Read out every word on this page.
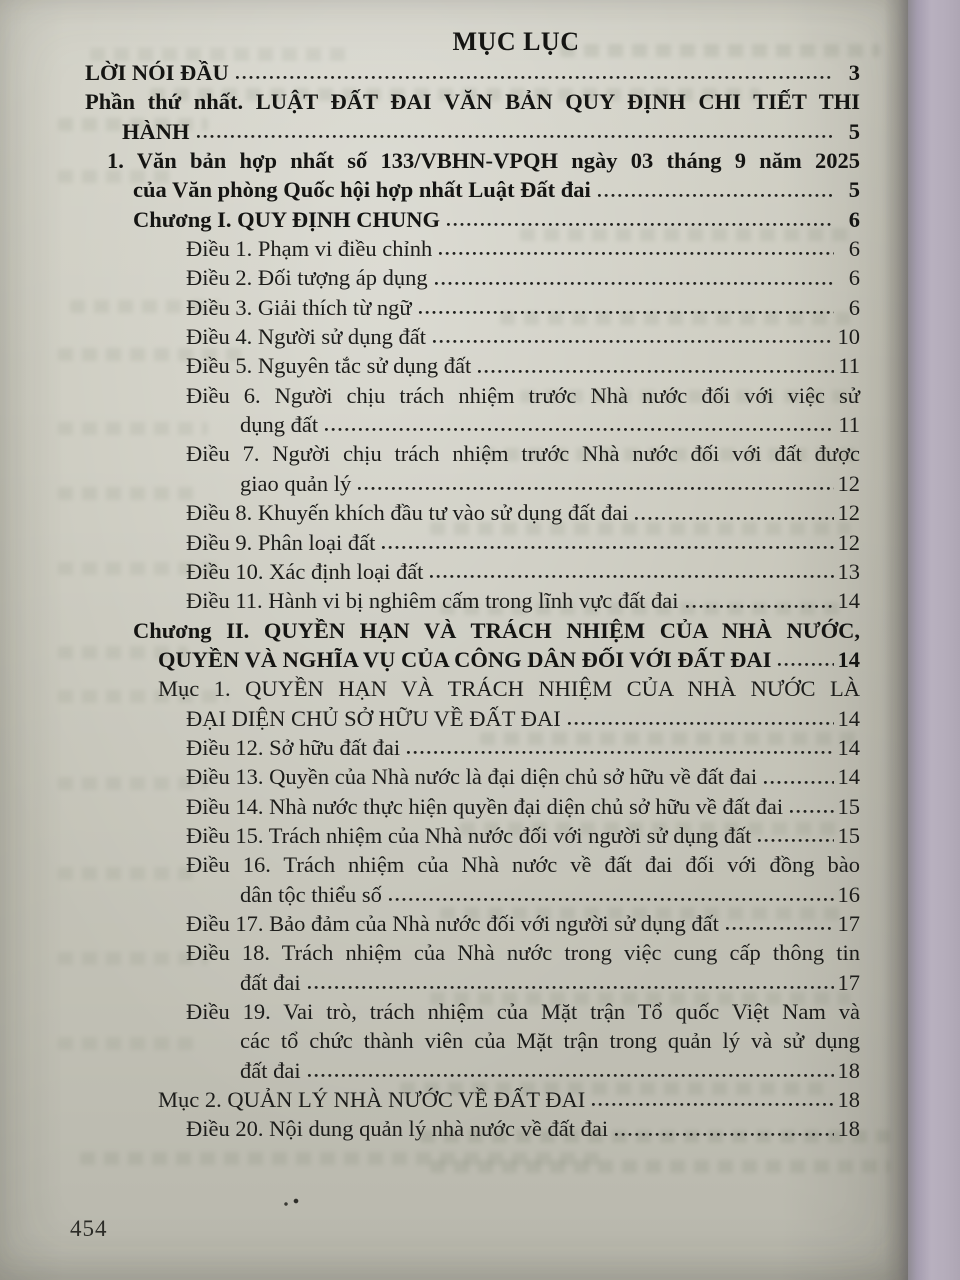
MỤC LỤC
LỜI NÓI ĐẦU	3
Phần thứ nhất. LUẬT ĐẤT ĐAI VĂN BẢN QUY ĐỊNH CHI TIẾT THI
HÀNH	5
1. Văn bản hợp nhất số 133/VBHN-VPQH ngày 03 tháng 9 năm 2025
của Văn phòng Quốc hội hợp nhất Luật Đất đai	5
Chương I. QUY ĐỊNH CHUNG	6
Điều 1. Phạm vi điều chỉnh	6
Điều 2. Đối tượng áp dụng	6
Điều 3. Giải thích từ ngữ	6
Điều 4. Người sử dụng đất	10
Điều 5. Nguyên tắc sử dụng đất	11
Điều 6. Người chịu trách nhiệm trước Nhà nước đối với việc sử
dụng đất	11
Điều 7. Người chịu trách nhiệm trước Nhà nước đối với đất được
giao quản lý	12
Điều 8. Khuyến khích đầu tư vào sử dụng đất đai	12
Điều 9. Phân loại đất	12
Điều 10. Xác định loại đất	13
Điều 11. Hành vi bị nghiêm cấm trong lĩnh vực đất đai	14
Chương II. QUYỀN HẠN VÀ TRÁCH NHIỆM CỦA NHÀ NƯỚC,
QUYỀN VÀ NGHĨA VỤ CỦA CÔNG DÂN ĐỐI VỚI ĐẤT ĐAI	14
Mục 1. QUYỀN HẠN VÀ TRÁCH NHIỆM CỦA NHÀ NƯỚC LÀ
ĐẠI DIỆN CHỦ SỞ HỮU VỀ ĐẤT ĐAI	14
Điều 12. Sở hữu đất đai	14
Điều 13. Quyền của Nhà nước là đại diện chủ sở hữu về đất đai	14
Điều 14. Nhà nước thực hiện quyền đại diện chủ sở hữu về đất đai 15
Điều 15. Trách nhiệm của Nhà nước đối với người sử dụng đất	15
Điều 16. Trách nhiệm của Nhà nước về đất đai đối với đồng bào
dân tộc thiểu số	16
Điều 17. Bảo đảm của Nhà nước đối với người sử dụng đất	17
Điều 18. Trách nhiệm của Nhà nước trong việc cung cấp thông tin
đất đai	17
Điều 19. Vai trò, trách nhiệm của Mặt trận Tổ quốc Việt Nam và
các tổ chức thành viên của Mặt trận trong quản lý và sử dụng
đất đai	18
Mục 2. QUẢN LÝ NHÀ NƯỚC VỀ ĐẤT ĐAI	18
Điều 20. Nội dung quản lý nhà nước về đất đai	18
454
